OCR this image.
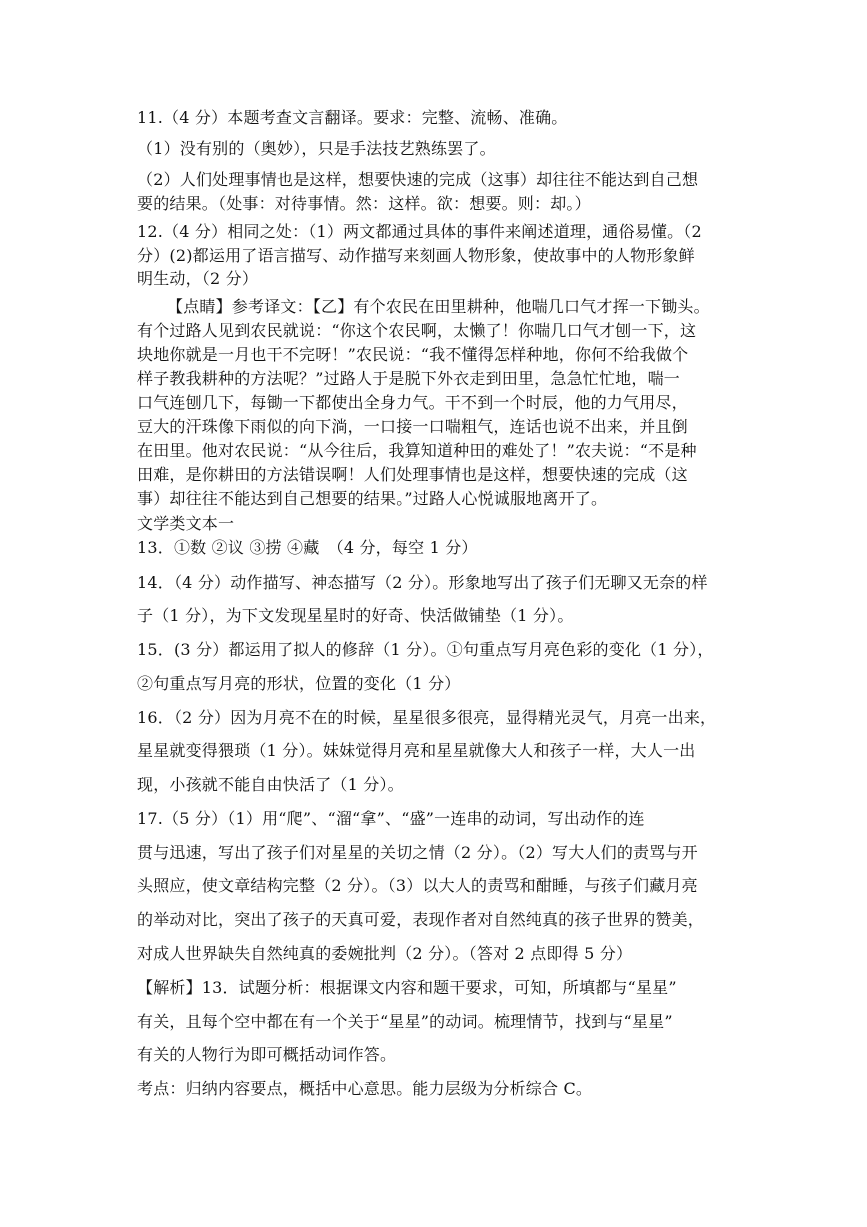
11.（4 分）本题考查文言翻译。要求：完整、流畅、准确。
（1）没有别的（奥妙），只是手法技艺熟练罢了。
（2）人们处理事情也是这样，想要快速的完成（这事）却往往不能达到自己想
要的结果。（处事：对待事情。然：这样。欲：想要。则：却。）
12.（4 分）相同之处：（1）两文都通过具体的事件来阐述道理，通俗易懂。（2
分）(2)都运用了语言描写、动作描写来刻画人物形象，使故事中的人物形象鲜
明生动，（2 分）
【点睛】参考译文：【乙】有个农民在田里耕种，他喘几口气才挥一下锄头。
有个过路人见到农民就说：“你这个农民啊，太懒了！你喘几口气才刨一下，这
块地你就是一月也干不完呀！”农民说：“我不懂得怎样种地，你何不给我做个
样子教我耕种的方法呢？”过路人于是脱下外衣走到田里，急急忙忙地，喘一
口气连刨几下，每锄一下都使出全身力气。干不到一个时辰，他的力气用尽，
豆大的汗珠像下雨似的向下淌，一口接一口喘粗气，连话也说不出来，并且倒
在田里。他对农民说：“从今往后，我算知道种田的难处了！”农夫说：“不是种
田难，是你耕田的方法错误啊！人们处理事情也是这样，想要快速的完成（这
事）却往往不能达到自己想要的结果。”过路人心悦诚服地离开了。
文学类文本一
13．①数 ②议 ③捞 ④藏　（4 分，每空 1 分）
14．（4 分）动作描写、神态描写（2 分）。形象地写出了孩子们无聊又无奈的样
子（1 分），为下文发现星星时的好奇、快活做铺垫（1 分）。
15．(3 分）都运用了拟人的修辞（1 分）。①句重点写月亮色彩的变化（1 分），
②句重点写月亮的形状，位置的变化（1 分）
16．（2 分）因为月亮不在的时候，星星很多很亮，显得精光灵气，月亮一出来，
星星就变得猥琐（1 分）。妹妹觉得月亮和星星就像大人和孩子一样，大人一出
现，小孩就不能自由快活了（1 分）。
17.（5 分）（1）用“爬”、“溜“拿”、“盛”一连串的动词，写出动作的连
贯与迅速，写出了孩子们对星星的关切之情（2 分）。（2）写大人们的责骂与开
头照应，使文章结构完整（2 分）。（3）以大人的责骂和酣睡，与孩子们藏月亮
的举动对比，突出了孩子的天真可爱，表现作者对自然纯真的孩子世界的赞美，
对成人世界缺失自然纯真的委婉批判（2 分）。（答对 2 点即得 5 分）
【解析】13．试题分析：根据课文内容和题干要求，可知，所填都与“星星”
有关，且每个空中都在有一个关于“星星”的动词。梳理情节，找到与“星星”
有关的人物行为即可概括动词作答。
考点：归纳内容要点，概括中心意思。能力层级为分析综合 C。
